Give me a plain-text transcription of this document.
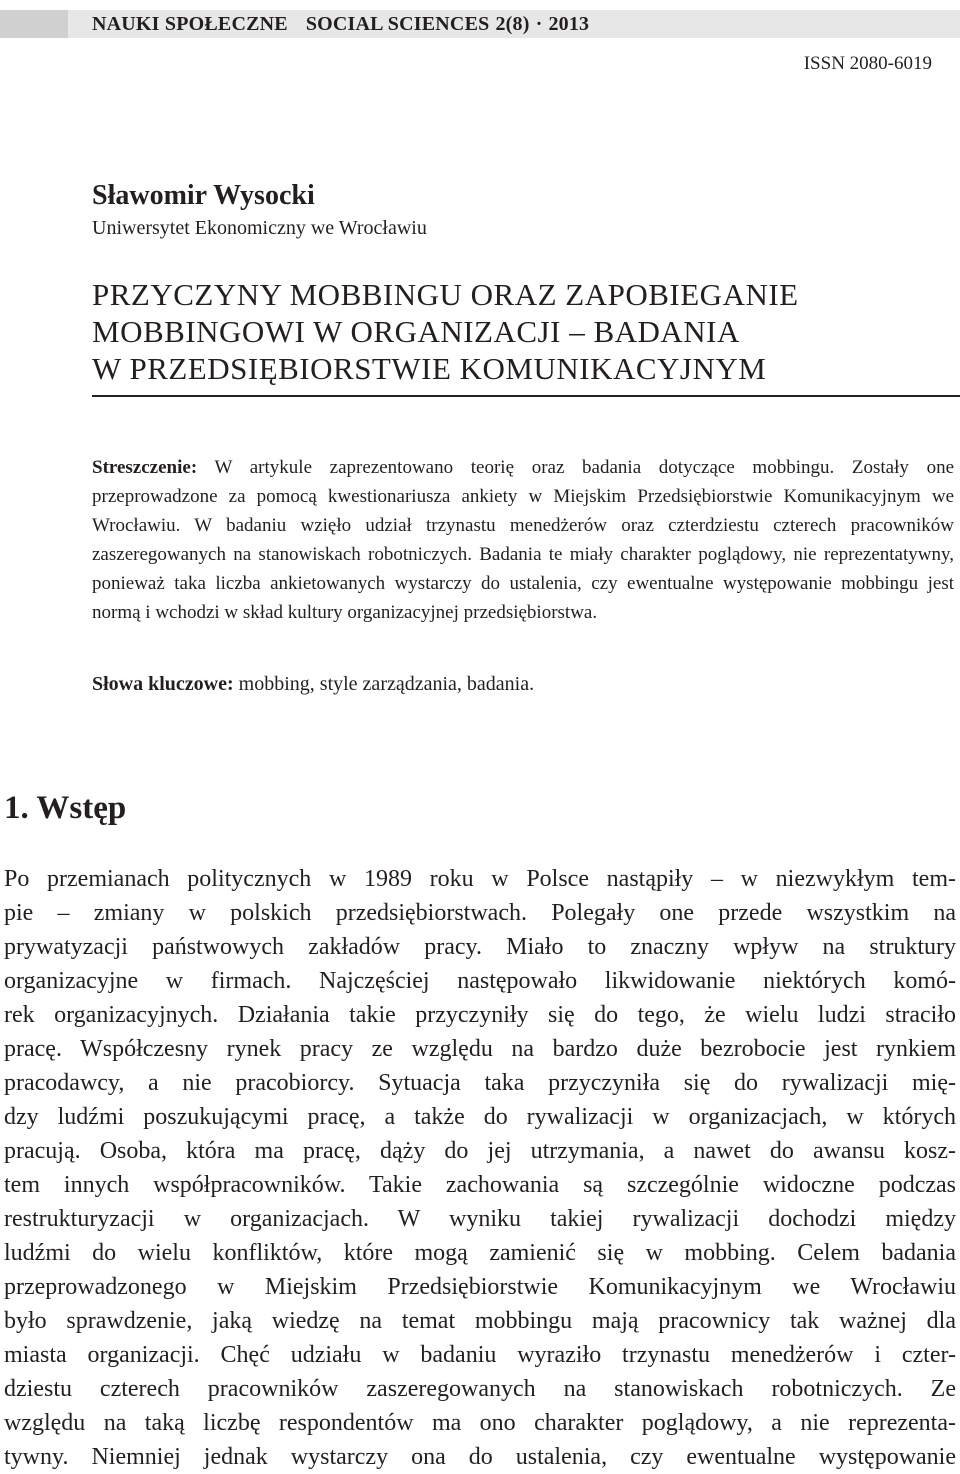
NAUKI SPOŁECZNE SOCIAL SCIENCES 2(8) · 2013
ISSN 2080-6019
Sławomir Wysocki
Uniwersytet Ekonomiczny we Wrocławiu
PRZYCZYNY MOBBINGU ORAZ ZAPOBIEGANIE
MOBBINGOWI W ORGANIZACJI – BADANIA
W PRZEDSIĘBIORSTWIE KOMUNIKACYJNYM

Streszczenie: W artykule zaprezentowano teorię oraz badania dotyczące mobbingu. Zostały one przeprowadzone za pomocą kwestionariusza ankiety w Miejskim Przedsiębiorstwie Komunikacyjnym we Wrocławiu. W badaniu wzięło udział trzynastu menedżerów oraz czterdziestu czterech pracowników zaszeregowanych na stanowiskach robotniczych. Badania te miały charakter poglądowy, nie reprezentatywny, ponieważ taka liczba ankietowanych wystarczy do ustalenia, czy ewentualne występowanie mobbingu jest normą i wchodzi w skład kultury organizacyjnej przedsiębiorstwa.

Słowa kluczowe: mobbing, style zarządzania, badania.
1. Wstęp
Po przemianach politycznych w 1989 roku w Polsce nastąpiły – w niezwykłym tem-
pie – zmiany w polskich przedsiębiorstwach. Polegały one przede wszystkim na
prywatyzacji państwowych zakładów pracy. Miało to znaczny wpływ na struktury
organizacyjne w firmach. Najczęściej następowało likwidowanie niektórych komó-
rek organizacyjnych. Działania takie przyczyniły się do tego, że wielu ludzi straciło
pracę. Współczesny rynek pracy ze względu na bardzo duże bezrobocie jest rynkiem
pracodawcy, a nie pracobiorcy. Sytuacja taka przyczyniła się do rywalizacji mię-
dzy ludźmi poszukującymi pracę, a także do rywalizacji w organizacjach, w których
pracują. Osoba, która ma pracę, dąży do jej utrzymania, a nawet do awansu kosz-
tem innych współpracowników. Takie zachowania są szczególnie widoczne podczas
restrukturyzacji w organizacjach. W wyniku takiej rywalizacji dochodzi między
ludźmi do wielu konfliktów, które mogą zamienić się w mobbing. Celem badania
przeprowadzonego w Miejskim Przedsiębiorstwie Komunikacyjnym we Wrocławiu
było sprawdzenie, jaką wiedzę na temat mobbingu mają pracownicy tak ważnej dla
miasta organizacji. Chęć udziału w badaniu wyraziło trzynastu menedżerów i czter-
dziestu czterech pracowników zaszeregowanych na stanowiskach robotniczych. Ze
względu na taką liczbę respondentów ma ono charakter poglądowy, a nie reprezenta-
tywny. Niemniej jednak wystarczy ona do ustalenia, czy ewentualne występowanie
